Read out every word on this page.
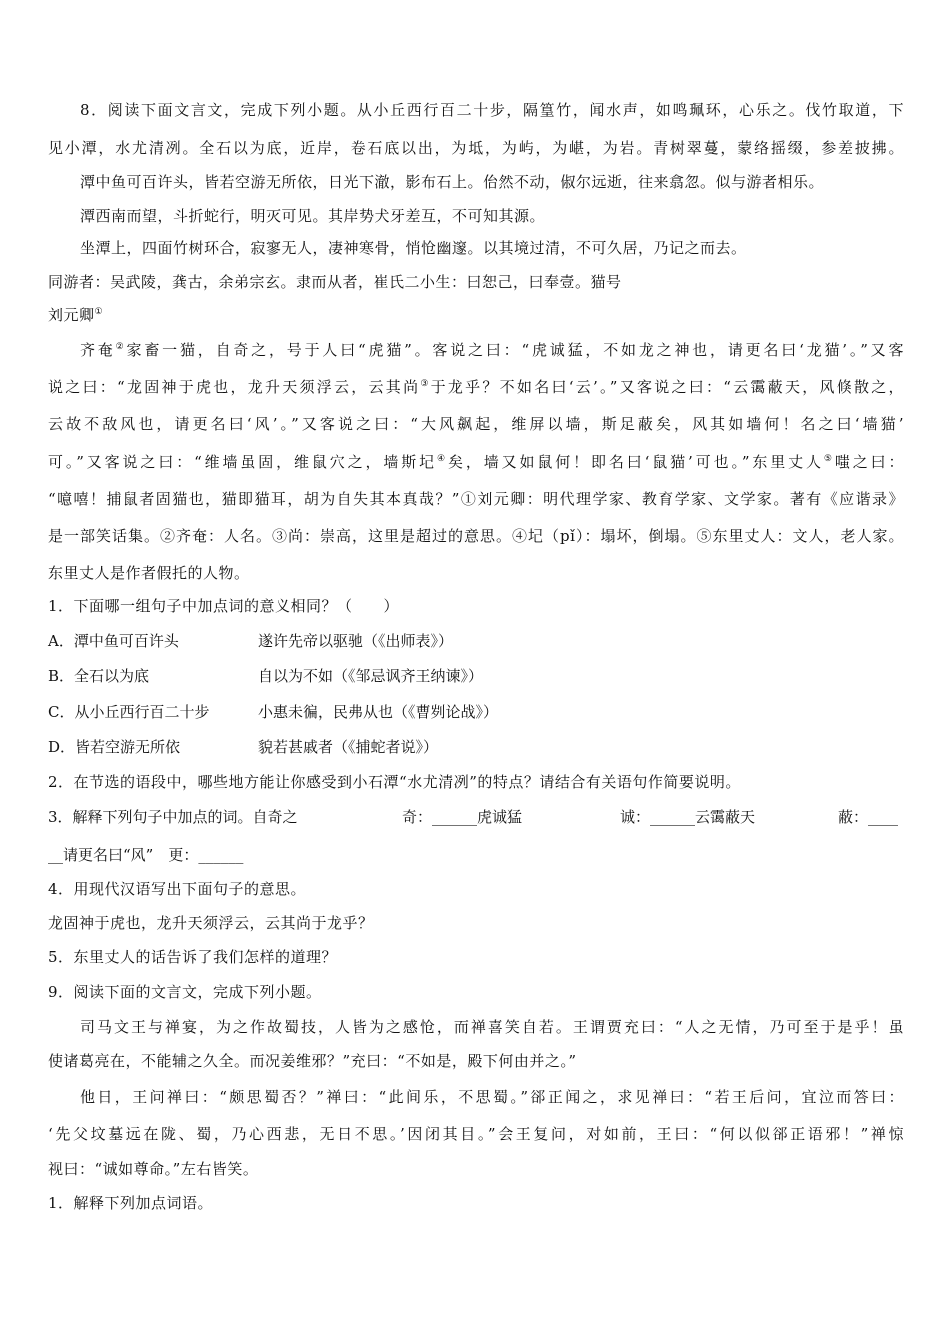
8．阅读下面文言文，完成下列小题。从小丘西行百二十步，隔篁竹，闻水声，如鸣珮环，心乐之。伐竹取道，下
见小潭，水尤清冽。全石以为底，近岸，卷石底以出，为坻，为屿，为嵁，为岩。青树翠蔓，蒙络摇缀，参差披拂。
潭中鱼可百许头，皆若空游无所依，日光下澈，影布石上。佁然不动，俶尔远逝，往来翕忽。似与游者相乐。
潭西南而望，斗折蛇行，明灭可见。其岸势犬牙差互，不可知其源。
坐潭上，四面竹树环合，寂寥无人，凄神寒骨，悄怆幽邃。以其境过清，不可久居，乃记之而去。
同游者：吴武陵，龚古，余弟宗玄。隶而从者，崔氏二小生：曰恕己，曰奉壹。猫号
刘元卿①
齐奄②家畜一猫，自奇之，号于人曰“虎猫”。客说之曰：“虎诚猛，不如龙之神也，请更名曰‘龙猫’。”又客
说之曰：“龙固神于虎也，龙升天须浮云，云其尚③于龙乎？不如名曰‘云’。”又客说之曰：“云霭蔽天，风倏散之，
云故不敌风也，请更名曰‘风’。”又客说之曰：“大风飙起，维屏以墙，斯足蔽矣，风其如墙何！名之曰‘墙猫’
可。”又客说之曰：“维墙虽固，维鼠穴之，墙斯圮④矣，墙又如鼠何！即名曰‘鼠猫’可也。”东里丈人⑤嗤之曰：
“噫嘻！捕鼠者固猫也，猫即猫耳，胡为自失其本真哉？”①刘元卿：明代理学家、教育学家、文学家。著有《应谐录》
是一部笑话集。②齐奄：人名。③尚：崇高，这里是超过的意思。④圮（pǐ）：塌坏，倒塌。⑤东里丈人：文人，老人家。
东里丈人是作者假托的人物。
1．下面哪一组句子中加点词的意义相同？（　　）
A．潭中鱼可百许头	遂许先帝以驱驰（《出师表》）
B．全石以为底	自以为不如（《邹忌讽齐王纳谏》）
C．从小丘西行百二十步	小惠未徧，民弗从也（《曹刿论战》）
D．皆若空游无所依	貌若甚戚者（《捕蛇者说》）
2．在节选的语段中，哪些地方能让你感受到小石潭“水尤清冽”的特点？请结合有关语句作简要说明。
3．解释下列句子中加点的词。自奇之	奇：______虎诚猛	诚：______云霭蔽天	蔽：____
__请更名曰“风”　更：______
4．用现代汉语写出下面句子的意思。
龙固神于虎也，龙升天须浮云，云其尚于龙乎？
5．东里丈人的话告诉了我们怎样的道理？
9．阅读下面的文言文，完成下列小题。
司马文王与禅宴，为之作故蜀技，人皆为之感怆，而禅喜笑自若。王谓贾充曰：“人之无情，乃可至于是乎！虽
使诸葛亮在，不能辅之久全。而况姜维邪？”充曰：“不如是，殿下何由并之。”
他日，王问禅曰：“颇思蜀否？”禅曰：“此间乐，不思蜀。”郤正闻之，求见禅曰：“若王后问，宜泣而答曰：
‘先父坟墓远在陇、蜀，乃心西悲，无日不思。’因闭其目。”会王复问，对如前，王曰：“何以似郤正语邪！”禅惊
视曰：“诚如尊命。”左右皆笑。
1．解释下列加点词语。
